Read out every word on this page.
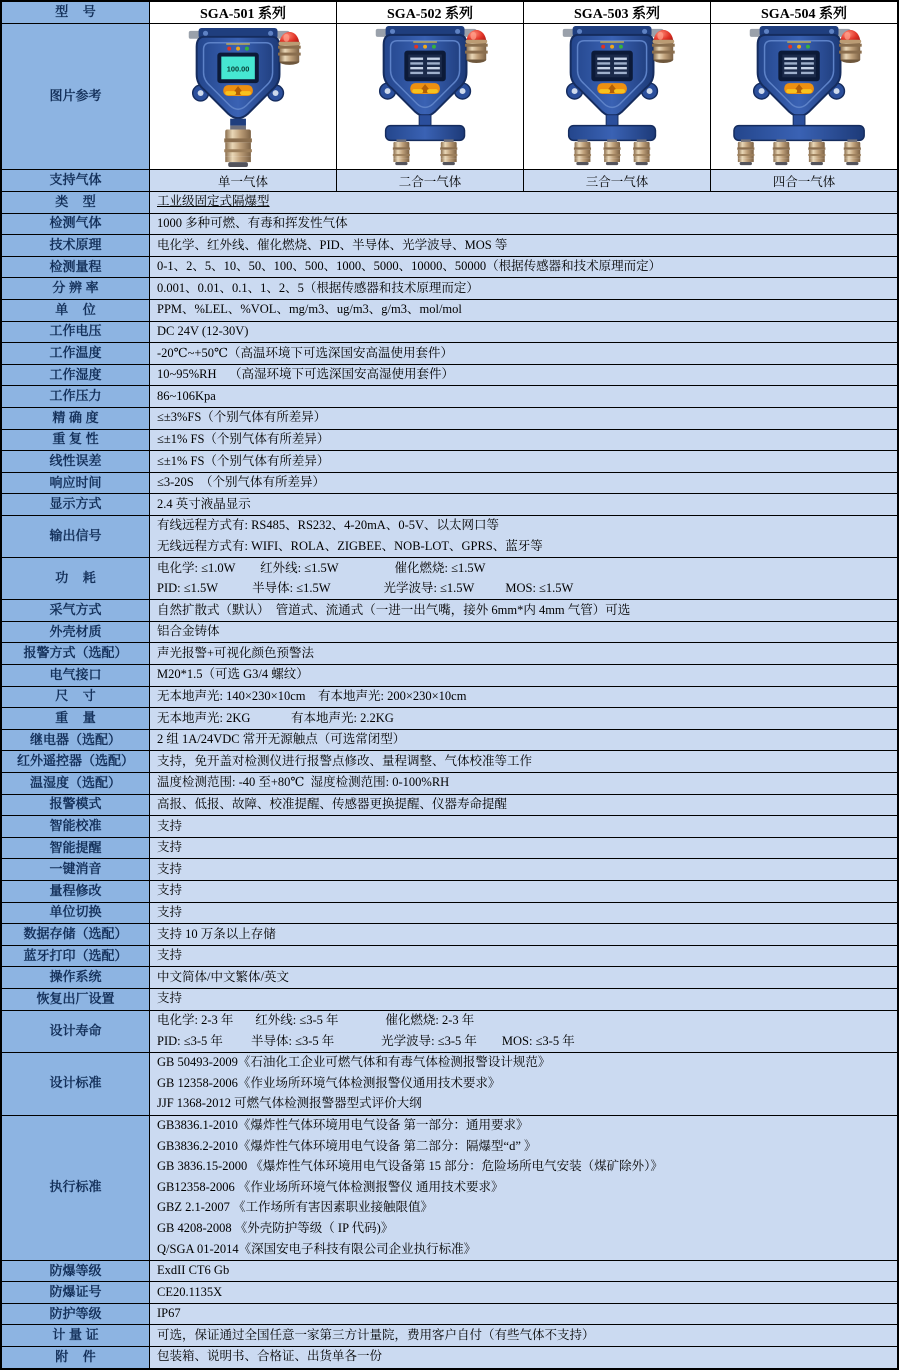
型    号	SGA-501 系列	SGA-502 系列	SGA-503 系列	SGA-504 系列
图片参考
100.00
支持气体	单一气体	二合一气体	三合一气体	四合一气体
类    型	工业级固定式隔爆型
检测气体	1000 多种可燃、有毒和挥发性气体
技术原理	电化学、红外线、催化燃烧、PID、半导体、光学波导、MOS 等
检测量程	0-1、2、5、10、50、100、500、1000、5000、10000、50000（根据传感器和技术原理而定）
分 辨 率	0.001、0.01、0.1、1、2、5（根据传感器和技术原理而定）
单    位	PPM、%LEL、%VOL、mg/m3、ug/m3、g/m3、mol/mol
工作电压	DC 24V (12-30V)
工作温度	-20℃~+50℃（高温环境下可选深国安高温使用套件）
工作湿度	10~95%RH    （高湿环境下可选深国安高湿使用套件）
工作压力	86~106Kpa
精 确 度	≤±3%FS（个别气体有所差异）
重 复 性	≤±1% FS（个别气体有所差异）
线性误差	≤±1% FS（个别气体有所差异）
响应时间	≤3-20S  （个别气体有所差异）
显示方式	2.4 英寸液晶显示
输出信号
有线远程方式有: RS485、RS232、4-20mA、0-5V、以太网口等
无线远程方式有: WIFI、ROLA、ZIGBEE、NOB-LOT、GPRS、蓝牙等
功    耗
电化学: ≤1.0W        红外线: ≤1.5W                  催化燃烧: ≤1.5W
PID: ≤1.5W           半导体: ≤1.5W                 光学波导: ≤1.5W          MOS: ≤1.5W
采气方式	自然扩散式（默认）  管道式、流通式（一进一出气嘴，接外 6mm*内 4mm 气管）可选
外壳材质	铝合金铸体
报警方式（选配）	声光报警+可视化颜色预警法
电气接口	M20*1.5（可选 G3/4 螺纹）
尺    寸	无本地声光: 140×230×10cm    有本地声光: 200×230×10cm
重    量	无本地声光: 2KG             有本地声光: 2.2KG
继电器（选配）	2 组 1A/24VDC 常开无源触点（可选常闭型）
红外遥控器（选配）	支持，免开盖对检测仪进行报警点修改、量程调整、气体校准等工作
温湿度（选配）	温度检测范围: -40 至+80℃  湿度检测范围: 0-100%RH
报警模式	高报、低报、故障、校准提醒、传感器更换提醒、仪器寿命提醒
智能校准	支持
智能提醒	支持
一键消音	支持
量程修改	支持
单位切换	支持
数据存储（选配）	支持 10 万条以上存储
蓝牙打印（选配）	支持
操作系统	中文简体/中文繁体/英文
恢复出厂设置	支持
设计寿命
电化学: 2-3 年       红外线: ≤3-5 年               催化燃烧: 2-3 年
PID: ≤3-5 年         半导体: ≤3-5 年               光学波导: ≤3-5 年        MOS: ≤3-5 年
设计标准
GB 50493-2009《石油化工企业可燃气体和有毒气体检测报警设计规范》
GB 12358-2006《作业场所环境气体检测报警仪通用技术要求》
JJF 1368-2012 可燃气体检测报警器型式评价大纲
执行标准
GB3836.1-2010《爆炸性气体环境用电气设备 第一部分：通用要求》
GB3836.2-2010《爆炸性气体环境用电气设备 第二部分：隔爆型“d” 》
GB 3836.15-2000 《爆炸性气体环境用电气设备第 15 部分：危险场所电气安装（煤矿除外）》
GB12358-2006 《作业场所环境气体检测报警仪 通用技术要求》
GBZ 2.1-2007 《工作场所有害因素职业接触限值》
GB 4208-2008 《外壳防护等级（ IP 代码)》
Q/SGA 01-2014《深国安电子科技有限公司企业执行标准》
防爆等级	ExdII CT6 Gb
防爆证号	CE20.1135X
防护等级	IP67
计 量 证	可选，保证通过全国任意一家第三方计量院，费用客户自付（有些气体不支持）
附    件	包装箱、说明书、合格证、出货单各一份
